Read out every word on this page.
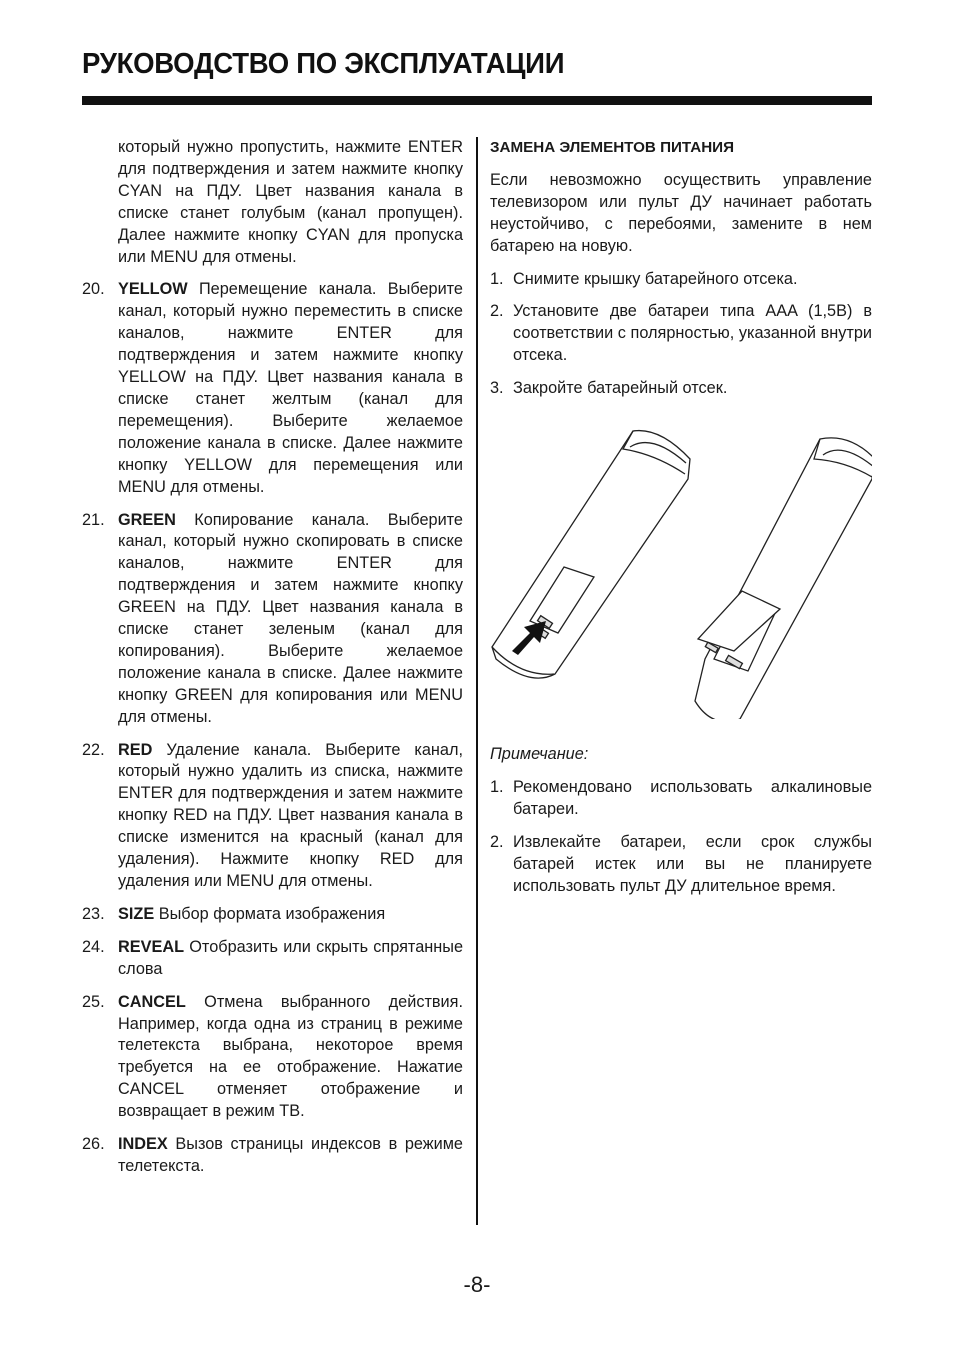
РУКОВОДСТВО ПО ЭКСПЛУАТАЦИИ
который нужно пропустить, нажмите ENTER для подтверждения и затем нажмите кнопку CYAN на ПДУ. Цвет названия канала в списке станет голубым (канал пропущен). Далее нажмите кнопку CYAN для пропуска или MENU для отмены.
20. YELLOW Перемещение канала. Выберите канал, который нужно переместить в списке каналов, нажмите ENTER для подтверждения и затем нажмите кнопку YELLOW на ПДУ. Цвет названия канала в списке станет желтым (канал для перемещения). Выберите желаемое положение канала в списке. Далее нажмите кнопку YELLOW для перемещения или MENU для отмены.
21. GREEN Копирование канала. Выберите канал, который нужно скопировать в списке каналов, нажмите ENTER для подтверждения и затем нажмите кнопку GREEN на ПДУ. Цвет названия канала в списке станет зеленым (канал для копирования). Выберите желаемое положение канала в списке. Далее нажмите кнопку GREEN для копирования или MENU для отмены.
22. RED Удаление канала. Выберите канал, который нужно удалить из списка, нажмите ENTER для подтверждения и затем нажмите кнопку RED на ПДУ. Цвет названия канала в списке изменится на красный (канал для удаления). Нажмите кнопку RED для удаления или MENU для отмены.
23. SIZE Выбор формата изображения
24. REVEAL Отобразить или скрыть спрятанные слова
25. CANCEL Отмена выбранного действия. Например, когда одна из страниц в режиме телетекста выбрана, некоторое время требуется на ее отображение. Нажатие CANCEL отменяет отображение и возвращает в режим ТВ.
26. INDEX Вызов страницы индексов в режиме телетекста.
ЗАМЕНА ЭЛЕМЕНТОВ ПИТАНИЯ
Если невозможно осуществить управление телевизором или пульт ДУ начинает работать неустойчиво, с перебоями, замените в нем батарею на новую.
1. Снимите крышку батарейного отсека.
2. Установите две батареи типа AAA (1,5В) в соответствии с полярностью, указанной внутри отсека.
3. Закройте батарейный отсек.
Примечание:
1. Рекомендовано использовать алкалиновые батареи.
2. Извлекайте батареи, если срок службы батарей истек или вы не планируете использовать пульт ДУ длительное время.
-8-
